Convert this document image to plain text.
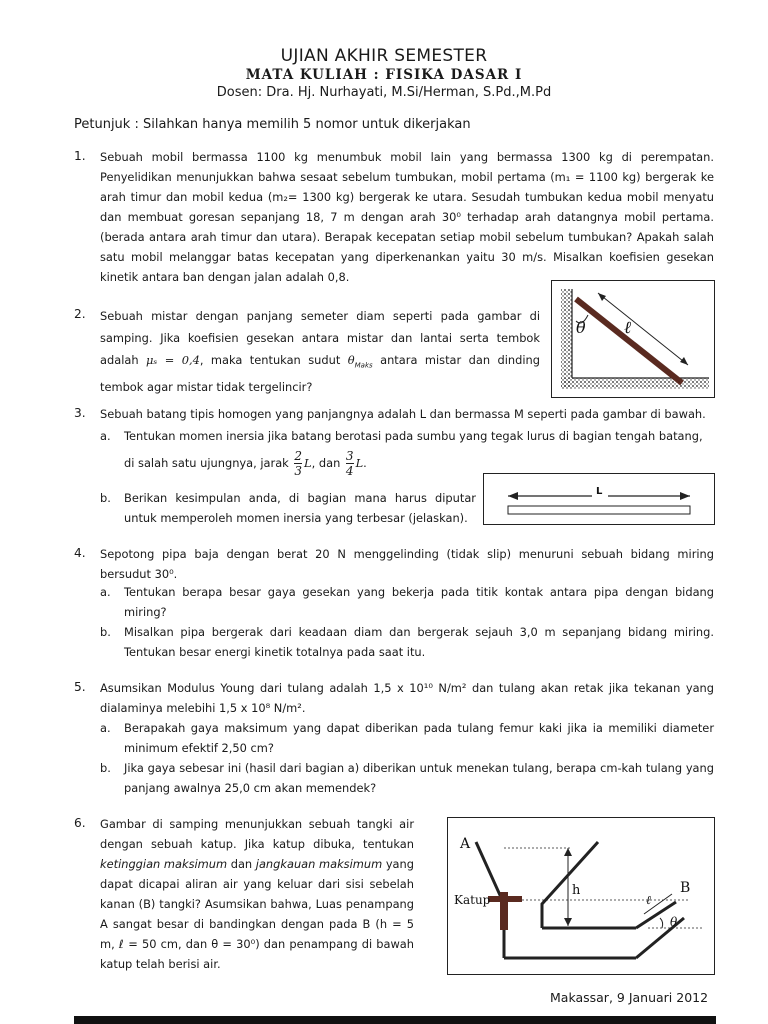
UJIAN AKHIR SEMESTER
MATA KULIAH : FISIKA DASAR I
Dosen: Dra. Hj. Nurhayati, M.Si/Herman, S.Pd.,M.Pd
Petunjuk : Silahkan hanya memilih 5 nomor untuk dikerjakan
1. Sebuah mobil bermassa 1100 kg menumbuk mobil lain yang bermassa 1300 kg di perempatan. Penyelidikan menunjukkan bahwa sesaat sebelum tumbukan, mobil pertama (m₁ = 1100 kg) bergerak ke arah timur dan mobil kedua (m₂= 1300 kg) bergerak ke utara. Sesudah tumbukan kedua mobil menyatu dan membuat goresan sepanjang 18, 7 m dengan arah 30⁰ terhadap arah datangnya mobil pertama. (berada antara arah timur dan utara). Berapak kecepatan setiap mobil sebelum tumbukan? Apakah salah satu mobil melanggar batas kecepatan yang diperkenankan yaitu 30 m/s. Misalkan koefisien gesekan kinetik antara ban dengan jalan adalah 0,8.
2. Sebuah mistar dengan panjang semeter diam seperti pada gambar di samping. Jika koefisien gesekan antara mistar dan lantai serta tembok adalah μₛ = 0,4, maka tentukan sudut $\theta_{Maks}$ antara mistar dan dinding tembok agar mistar tidak tergelincir?
θ ℓ
3. Sebuah batang tipis homogen yang panjangnya adalah L dan bermassa M seperti pada gambar di bawah.
a. Tentukan momen inersia jika batang berotasi pada sumbu yang tegak lurus di bagian tengah batang,
di salah satu ujungnya, jarak $\frac{2}{3} L$, dan $\frac{3}{4} L$.
b. Berikan kesimpulan anda, di bagian mana harus diputar untuk memperoleh momen inersia yang terbesar (jelaskan).
L
4. Sepotong pipa baja dengan berat 20 N menggelinding (tidak slip) menuruni sebuah bidang miring bersudut 30⁰.
a. Tentukan berapa besar gaya gesekan yang bekerja pada titik kontak antara pipa dengan bidang miring?
b. Misalkan pipa bergerak dari keadaan diam dan bergerak sejauh 3,0 m sepanjang bidang miring. Tentukan besar energi kinetik totalnya pada saat itu.
5. Asumsikan Modulus Young dari tulang adalah 1,5 x 10¹⁰ N/m² dan tulang akan retak jika tekanan yang dialaminya melebihi 1,5 x 10⁸ N/m².
a. Berapakah gaya maksimum yang dapat diberikan pada tulang femur kaki jika ia memiliki diameter minimum efektif 2,50 cm?
b. Jika gaya sebesar ini (hasil dari bagian a) diberikan untuk menekan tulang, berapa cm-kah tulang yang panjang awalnya 25,0 cm akan memendek?
6. Gambar di samping menunjukkan sebuah tangki air dengan sebuah katup. Jika katup dibuka, tentukan ketinggian maksimum dan jangkauan maksimum yang dapat dicapai aliran air yang keluar dari sisi sebelah kanan (B) tangki? Asumsikan bahwa, Luas penampang A sangat besar di bandingkan dengan pada B (h = 5 m, ℓ = 50 cm, dan θ = 30⁰) dan penampang di bawah katup telah berisi air.
A
B
h
Katup	ℓ
θ
Makassar, 9 Januari 2012
